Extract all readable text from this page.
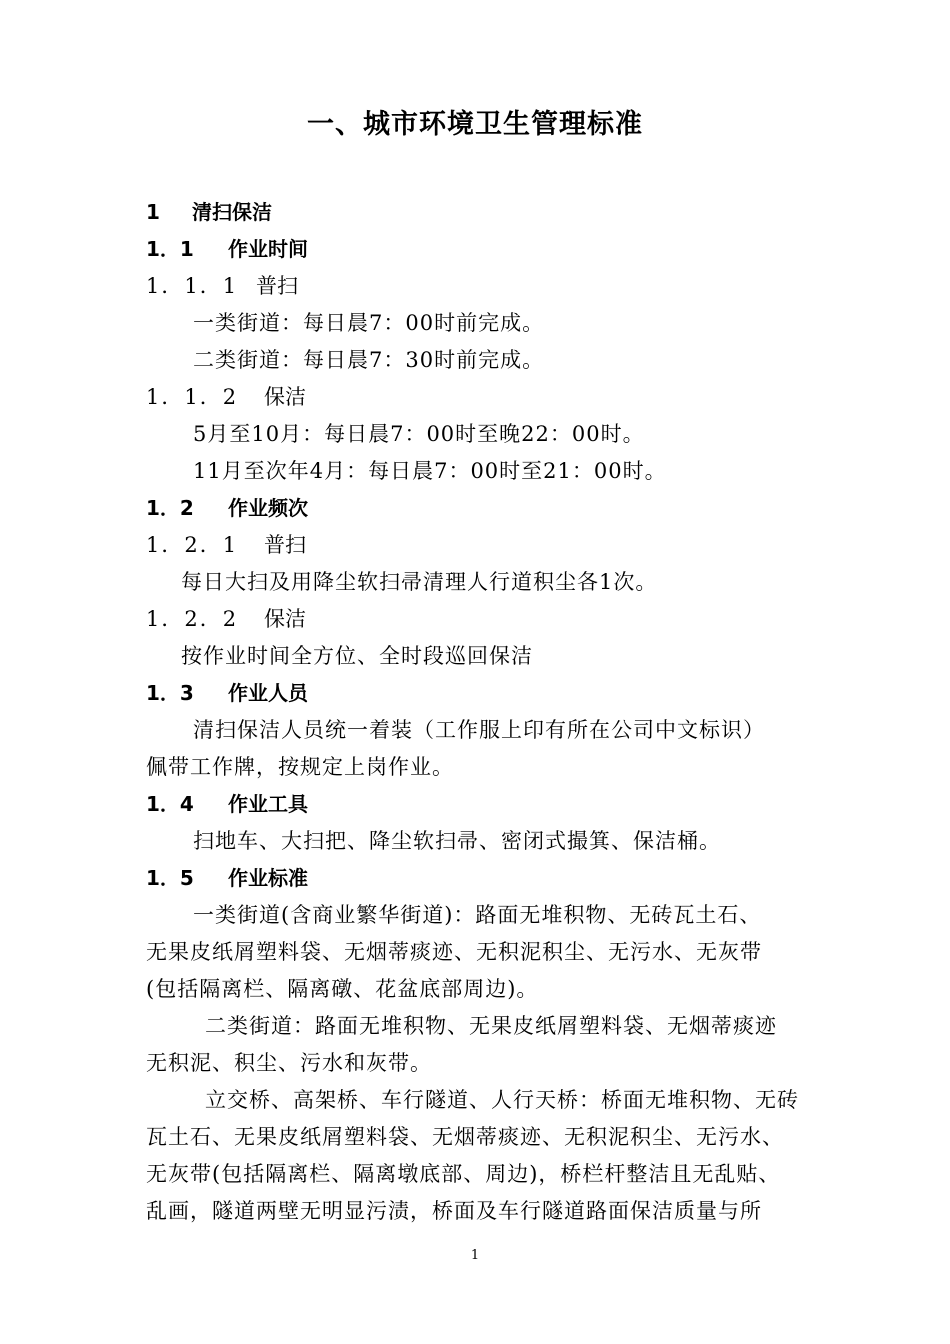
一、城市环境卫生管理标准
1 清扫保洁
1．1 作业时间
1．1．1 普扫
一类街道：每日晨7：00时前完成。
二类街道：每日晨7：30时前完成。
1．1．2 保洁
5月至10月：每日晨7：00时至晚22：00时。
11月至次年4月：每日晨7：00时至21：00时。
1．2 作业频次
1．2．1 普扫
每日大扫及用降尘软扫帚清理人行道积尘各1次。
1．2．2 保洁
按作业时间全方位、全时段巡回保洁
1．3 作业人员
清扫保洁人员统一着装（工作服上印有所在公司中文标识）
佩带工作牌，按规定上岗作业。
1．4 作业工具
扫地车、大扫把、降尘软扫帚、密闭式撮箕、保洁桶。
1．5 作业标准
一类街道(含商业繁华街道)：路面无堆积物、无砖瓦土石、
无果皮纸屑塑料袋、无烟蒂痰迹、无积泥积尘、无污水、无灰带
(包括隔离栏、隔离礅、花盆底部周边)。
二类街道：路面无堆积物、无果皮纸屑塑料袋、无烟蒂痰迹
无积泥、积尘、污水和灰带。
立交桥、高架桥、车行隧道、人行天桥：桥面无堆积物、无砖
瓦土石、无果皮纸屑塑料袋、无烟蒂痰迹、无积泥积尘、无污水、
无灰带(包括隔离栏、隔离墩底部、周边)，桥栏杆整洁且无乱贴、
乱画，隧道两壁无明显污渍，桥面及车行隧道路面保洁质量与所
1
